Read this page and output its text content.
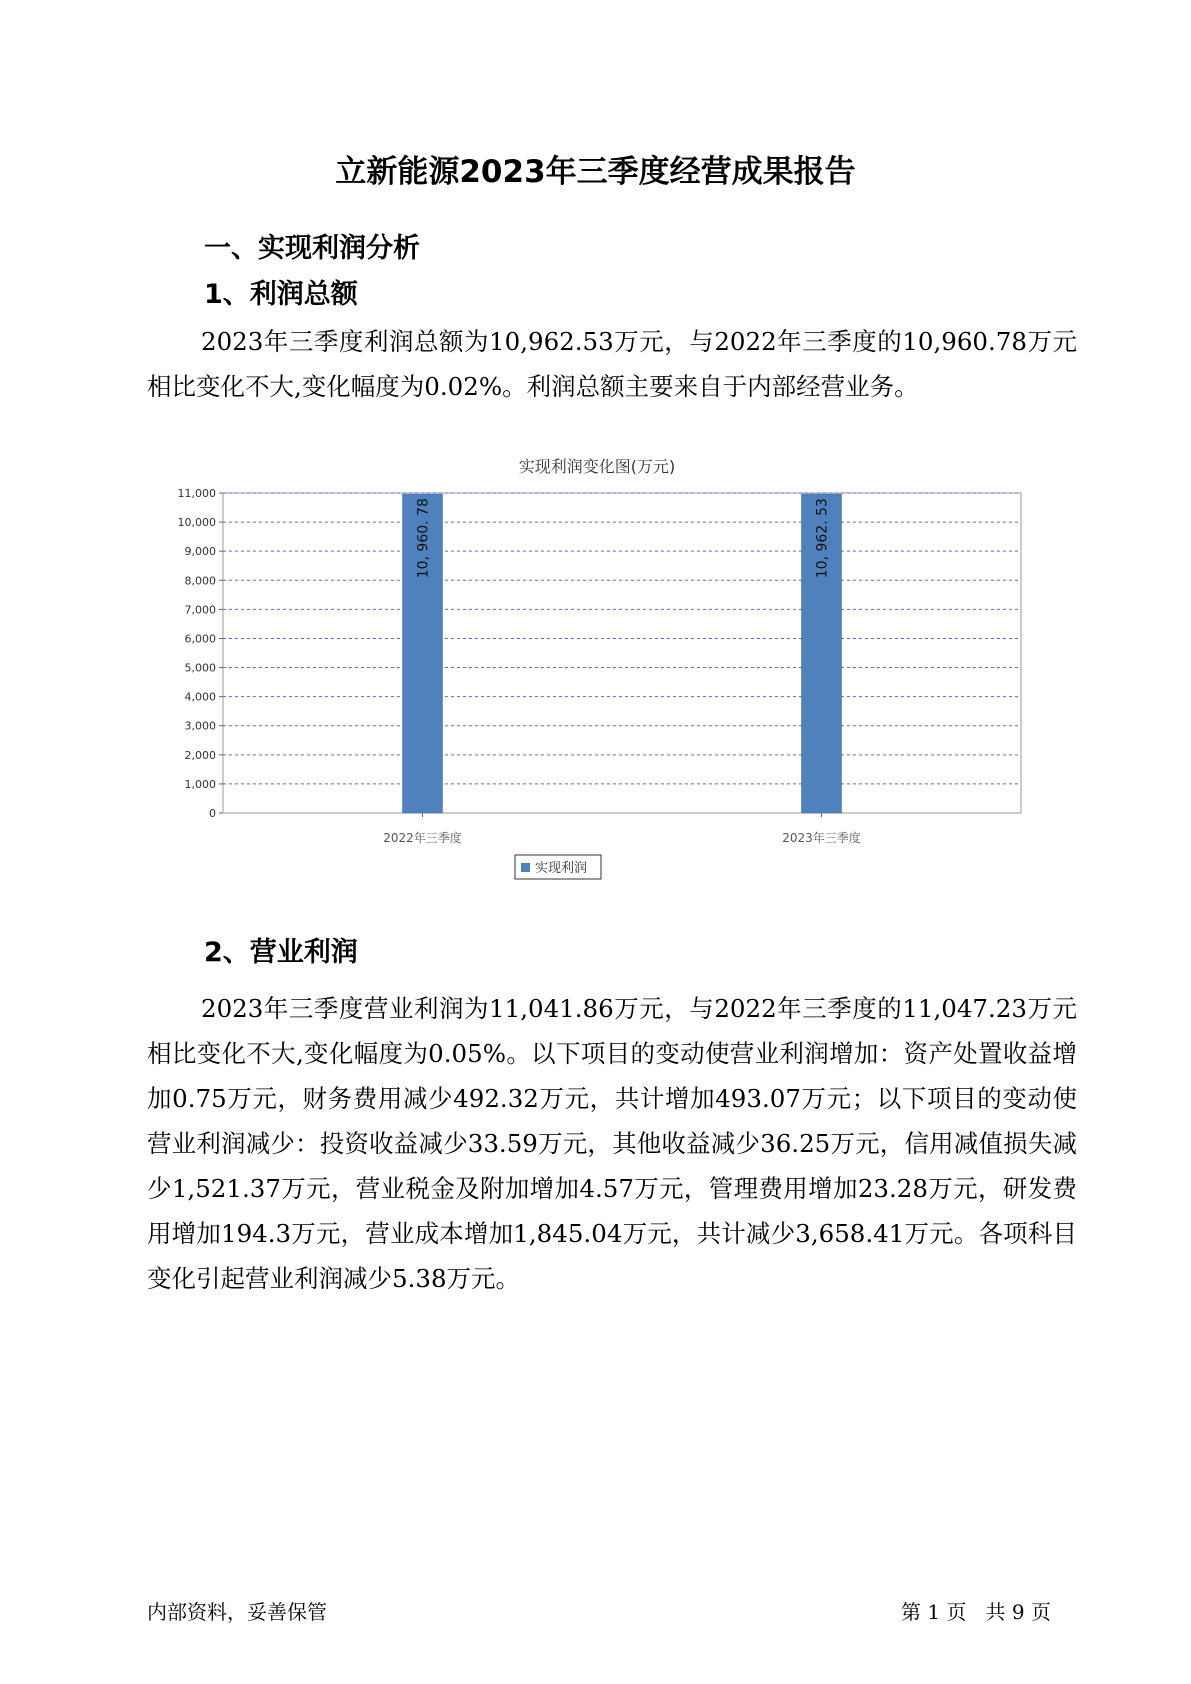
立新能源2023年三季度经营成果报告
一、实现利润分析
1、利润总额
2023年三季度利润总额为10,962.53万元，与2022年三季度的10,960.78万元相比变化不大,变化幅度为0.02%。利润总额主要来自于内部经营业务。
实现利润变化图(万元)
0
1,000
2,000
3,000
4,000
5,000
6,000
7,000
8,000
9,000
10,000
11,000
10, 960. 78	10, 962. 53
2022年三季度	2023年三季度
实现利润
2、营业利润
2023年三季度营业利润为11,041.86万元，与2022年三季度的11,047.23万元相比变化不大,变化幅度为0.05%。以下项目的变动使营业利润增加：资产处置收益增加0.75万元，财务费用减少492.32万元，共计增加493.07万元；以下项目的变动使营业利润减少：投资收益减少33.59万元，其他收益减少36.25万元，信用减值损失减少1,521.37万元，营业税金及附加增加4.57万元，管理费用增加23.28万元，研发费用增加194.3万元，营业成本增加1,845.04万元，共计减少3,658.41万元。各项科目变化引起营业利润减少5.38万元。
内部资料，妥善保管	第 1 页   共 9 页
